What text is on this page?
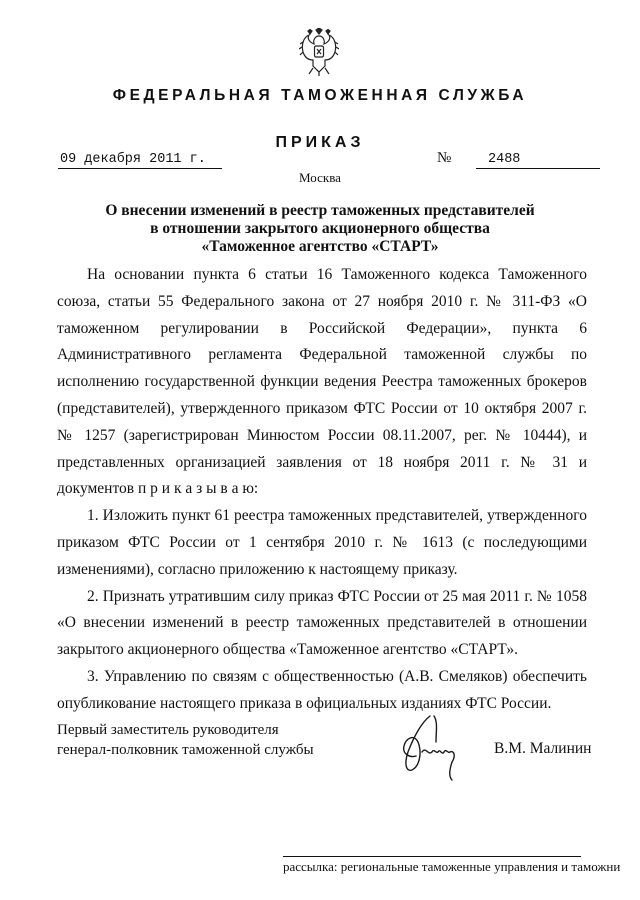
ФЕДЕРАЛЬНАЯ ТАМОЖЕННАЯ СЛУЖБА
ПРИКАЗ
09 декабря 2011 г.	№	2488
Москва
О внесении изменений в реестр таможенных представителей
в отношении закрытого акционерного общества
«Таможенное агентство «СТАРТ»

На основании пункта 6 статьи 16 Таможенного кодекса Таможенного союза, статьи 55 Федерального закона от 27 ноября 2010 г. № 311-ФЗ «О таможенном регулировании в Российской Федерации», пункта 6 Административного регламента Федеральной таможенной службы по исполнению государственной функции ведения Реестра таможенных брокеров (представителей), утвержденного приказом ФТС России от 10 октября 2007 г. № 1257 (зарегистрирован Минюстом России 08.11.2007, рег. № 10444), и представленных организацией заявления от 18 ноября 2011 г. № 31 и документов п р и к а з ы в а ю:

1. Изложить пункт 61 реестра таможенных представителей, утвержденного приказом ФТС России от 1 сентября 2010 г. № 1613 (с последующими изменениями), согласно приложению к настоящему приказу.

2. Признать утратившим силу приказ ФТС России от 25 мая 2011 г. № 1058 «О внесении изменений в реестр таможенных представителей в отношении закрытого акционерного общества «Таможенное агентство «СТАРТ».

3. Управлению по связям с общественностью (А.В. Смеляков) обеспечить опубликование настоящего приказа в официальных изданиях ФТС России.

Первый заместитель руководителя
генерал-полковник таможенной службы	В.М. Малинин
рассылка: региональные таможенные управления и таможни
